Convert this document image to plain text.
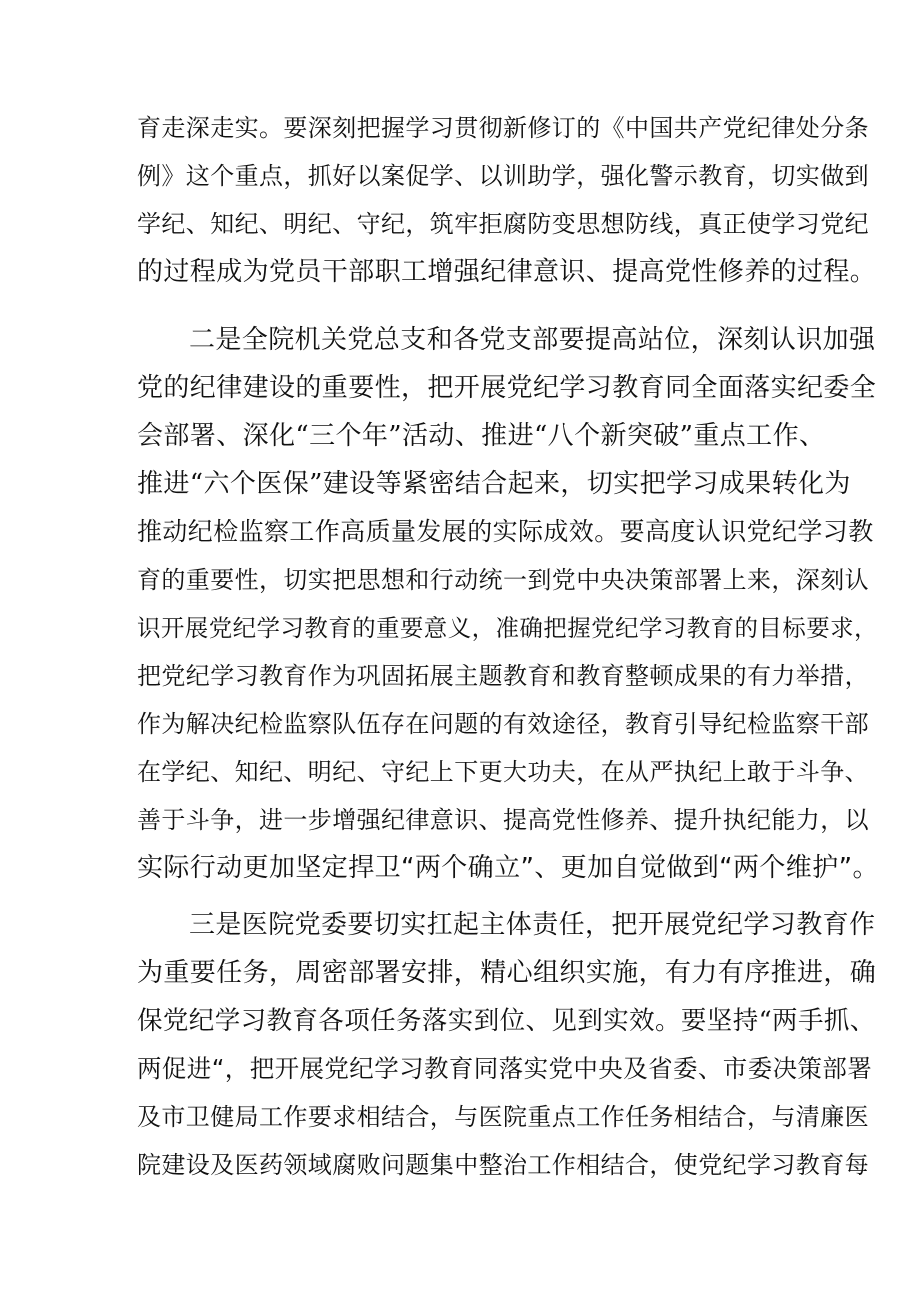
育走深走实。要深刻把握学习贯彻新修订的《中国共产党纪律处分条
例》这个重点，抓好以案促学、以训助学，强化警示教育，切实做到
学纪、知纪、明纪、守纪，筑牢拒腐防变思想防线，真正使学习党纪
的过程成为党员干部职工增强纪律意识、提高党性修养的过程。
二是全院机关党总支和各党支部要提高站位，深刻认识加强
党的纪律建设的重要性，把开展党纪学习教育同全面落实纪委全
会部署、深化“三个年”活动、推进“八个新突破”重点工作、
推进“六个医保”建设等紧密结合起来，切实把学习成果转化为
推动纪检监察工作高质量发展的实际成效。要高度认识党纪学习教
育的重要性，切实把思想和行动统一到党中央决策部署上来，深刻认
识开展党纪学习教育的重要意义，准确把握党纪学习教育的目标要求，
把党纪学习教育作为巩固拓展主题教育和教育整顿成果的有力举措，
作为解决纪检监察队伍存在问题的有效途径，教育引导纪检监察干部
在学纪、知纪、明纪、守纪上下更大功夫，在从严执纪上敢于斗争、
善于斗争，进一步增强纪律意识、提高党性修养、提升执纪能力，以
实际行动更加坚定捍卫“两个确立”、更加自觉做到“两个维护”。
三是医院党委要切实扛起主体责任，把开展党纪学习教育作
为重要任务，周密部署安排，精心组织实施，有力有序推进，确
保党纪学习教育各项任务落实到位、见到实效。要坚持“两手抓、
两促进“，把开展党纪学习教育同落实党中央及省委、市委决策部署
及市卫健局工作要求相结合，与医院重点工作任务相结合，与清廉医
院建设及医药领域腐败问题集中整治工作相结合，使党纪学习教育每
